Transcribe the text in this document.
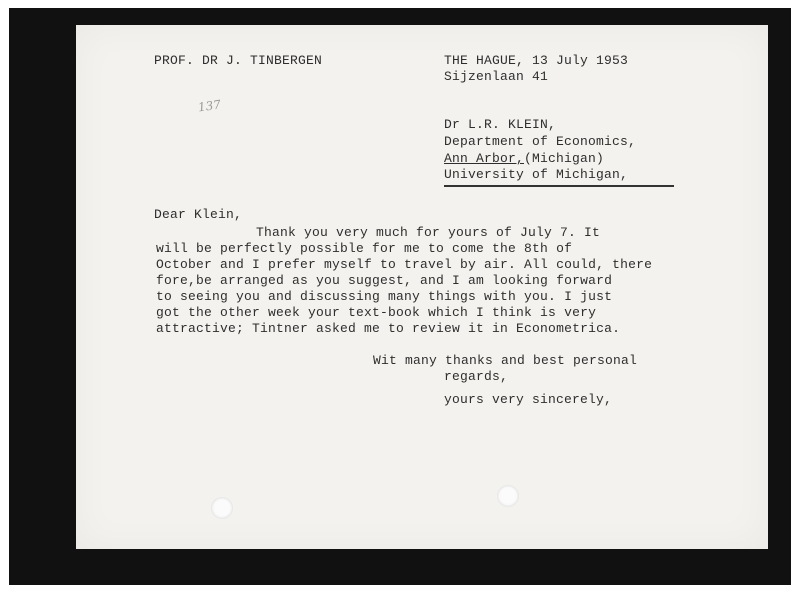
PROF. DR J. TINBERGEN	THE HAGUE, 13 July 1953
Sijzenlaan 41
137
Dr L.R. KLEIN,
Department of Economics,
Ann Arbor,(Michigan)
University of Michigan,
Dear Klein,
Thank you very much for yours of July 7. It
will be perfectly possible for me to come the 8th of
October and I prefer myself to travel by air. All could, there
fore,be arranged as you suggest, and I am looking forward
to seeing you and discussing many things with you. I just
got the other week your text-book which I think is very
attractive; Tintner asked me to review it in Econometrica.
Wit many thanks and best personal
regards,
yours very sincerely,
